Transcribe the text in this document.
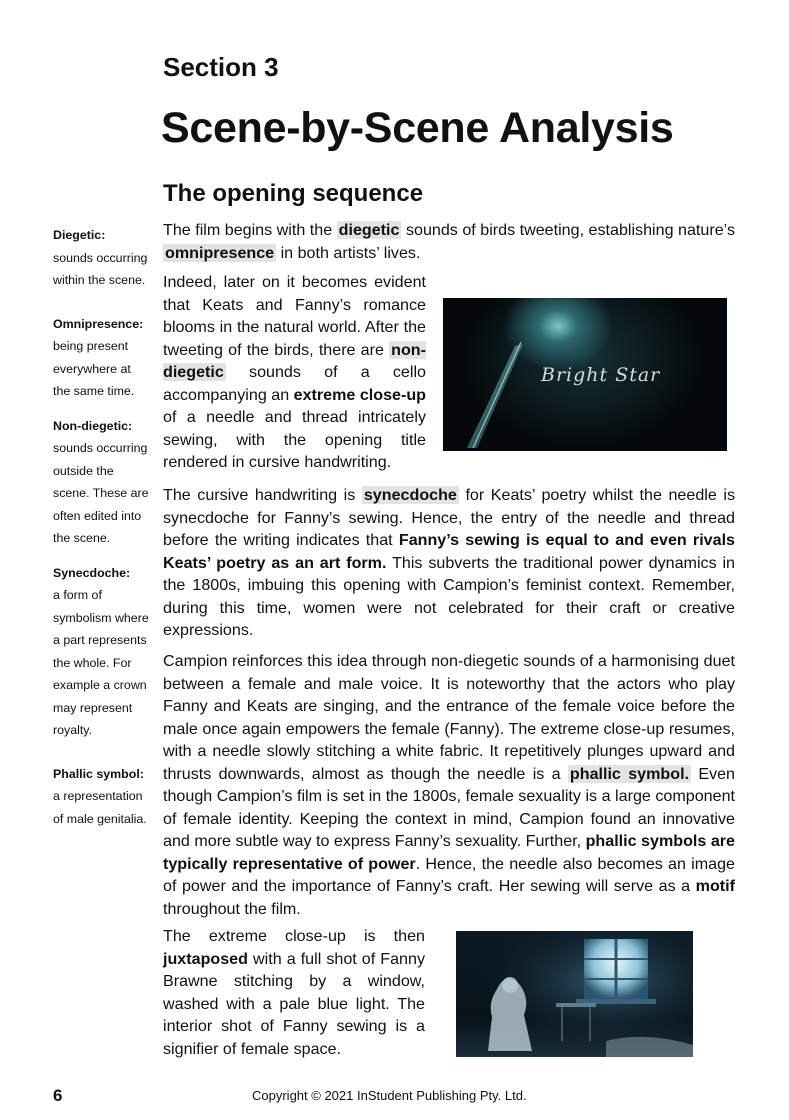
Section 3
Scene-by-Scene Analysis
The opening sequence

Diegetic:
sounds occurring within the scene.

Omnipresence:
being present everywhere at the same time.

Non-diegetic:
sounds occurring outside the scene. These are often edited into the scene.

Synecdoche:
a form of symbolism where a part represents the whole. For example a crown may represent royalty.

Phallic symbol: a representation of male genitalia.

The film begins with the diegetic sounds of birds tweeting, establishing nature’s omnipresence in both artists’ lives.

Indeed, later on it becomes evident that Keats and Fanny’s romance blooms in the natural world. After the tweeting of the birds, there are non-diegetic sounds of a cello accompanying an extreme close-up of a needle and thread intricately sewing, with the opening title rendered in cursive handwriting.

Bright Star

The cursive handwriting is synecdoche for Keats’ poetry whilst the needle is synecdoche for Fanny’s sewing. Hence, the entry of the needle and thread before the writing indicates that Fanny’s sewing is equal to and even rivals Keats’ poetry as an art form. This subverts the traditional power dynamics in the 1800s, imbuing this opening with Campion’s feminist context. Remember, during this time, women were not celebrated for their craft or creative expressions.

Campion reinforces this idea through non-diegetic sounds of a harmonising duet between a female and male voice. It is noteworthy that the actors who play Fanny and Keats are singing, and the entrance of the female voice before the male once again empowers the female (Fanny). The extreme close-up resumes, with a needle slowly stitching a white fabric. It repetitively plunges upward and thrusts downwards, almost as though the needle is a phallic symbol. Even though Campion’s film is set in the 1800s, female sexuality is a large component of female identity. Keeping the context in mind, Campion found an innovative and more subtle way to express Fanny’s sexuality. Further, phallic symbols are typically representative of power. Hence, the needle also becomes an image of power and the importance of Fanny’s craft. Her sewing will serve as a motif throughout the film.

The extreme close-up is then juxtaposed with a full shot of Fanny Brawne stitching by a window, washed with a pale blue light. The interior shot of Fanny sewing is a signifier of female space.

6	Copyright © 2021 InStudent Publishing Pty. Ltd.
